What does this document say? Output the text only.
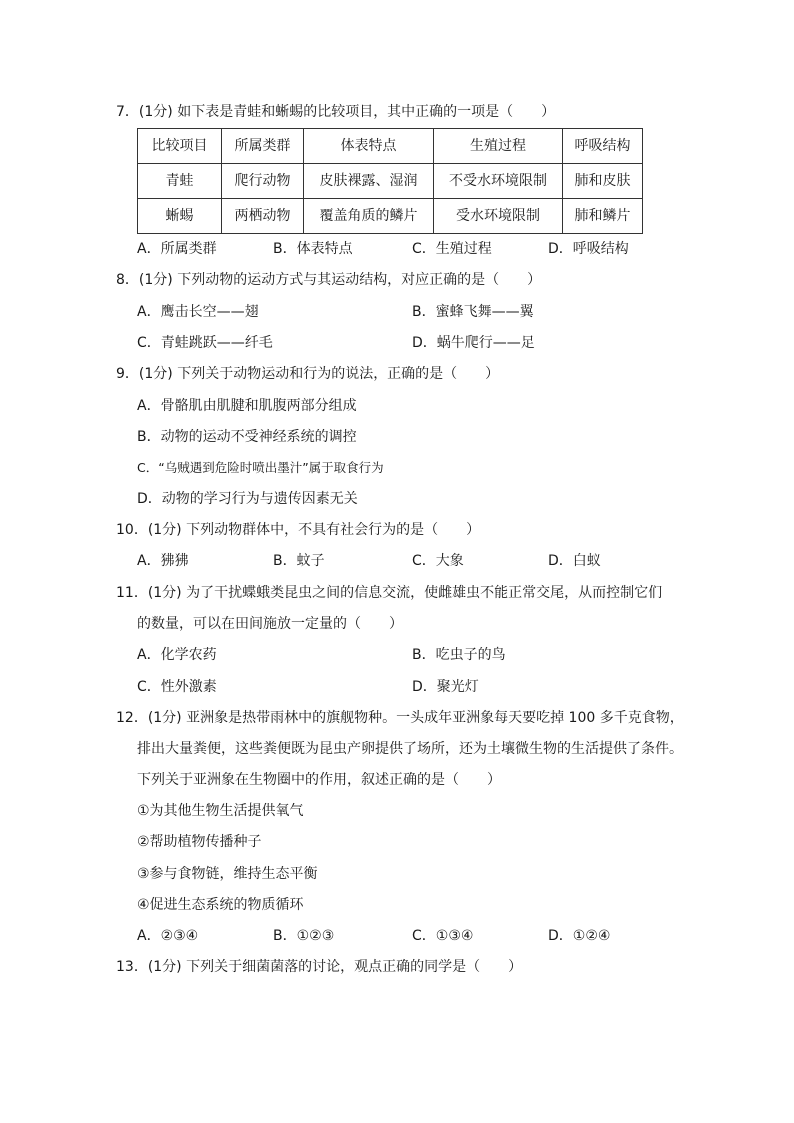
7．(1分) 如下表是青蛙和蜥蜴的比较项目，其中正确的一项是（　　）
比较项目	所属类群	体表特点	生殖过程	呼吸结构
青蛙	爬行动物	皮肤裸露、湿润	不受水环境限制	肺和皮肤
蜥蜴	两栖动物	覆盖角质的鳞片	受水环境限制	肺和鳞片
A．所属类群	B．体表特点	C．生殖过程	D．呼吸结构
8．(1分) 下列动物的运动方式与其运动结构，对应正确的是（　　）
A．鹰击长空——翅	B．蜜蜂飞舞——翼
C．青蛙跳跃——纤毛	D．蜗牛爬行——足
9．(1分) 下列关于动物运动和行为的说法，正确的是（　　）
A．骨骼肌由肌腱和肌腹两部分组成
B．动物的运动不受神经系统的调控
C．“乌贼遇到危险时喷出墨汁”属于取食行为
D．动物的学习行为与遗传因素无关
10．(1分) 下列动物群体中，不具有社会行为的是（　　）
A．狒狒	B．蚊子	C．大象	D．白蚁
11．(1分) 为了干扰蝶蛾类昆虫之间的信息交流，使雌雄虫不能正常交尾，从而控制它们
的数量，可以在田间施放一定量的（　　）
A．化学农药	B．吃虫子的鸟
C．性外激素	D．聚光灯
12．(1分) 亚洲象是热带雨林中的旗舰物种。一头成年亚洲象每天要吃掉 100 多千克食物，
排出大量粪便，这些粪便既为昆虫产卵提供了场所，还为土壤微生物的生活提供了条件。
下列关于亚洲象在生物圈中的作用，叙述正确的是（　　）
①为其他生物生活提供氧气
②帮助植物传播种子
③参与食物链，维持生态平衡
④促进生态系统的物质循环
A．②③④	B．①②③	C．①③④	D．①②④
13．(1分) 下列关于细菌菌落的讨论，观点正确的同学是（　　）
